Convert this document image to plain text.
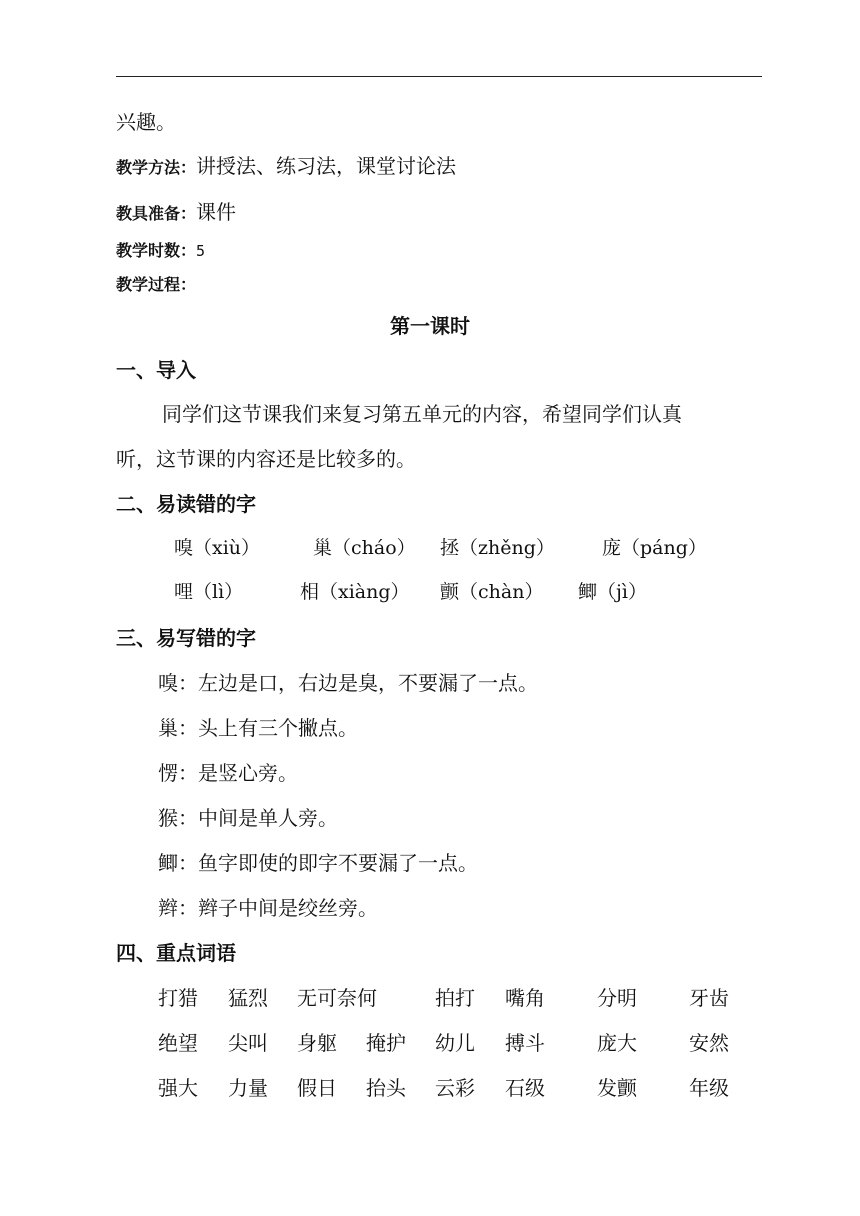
兴趣。
教学方法：讲授法、练习法，课堂讨论法
教具准备：课件
教学时数：5
教学过程：
第一课时
一、导入
同学们这节课我们来复习第五单元的内容，希望同学们认真
听，这节课的内容还是比较多的。
二、易读错的字
嗅（xiù）	巢（cháo） 拯（zhěng） 庞（páng）
哩（lì）	相（xiàng） 颤（chàn） 鲫（jì）
三、易写错的字
嗅：左边是口，右边是臭，不要漏了一点。
巢：头上有三个撇点。
愣：是竖心旁。
猴：中间是单人旁。
鲫：鱼字即使的即字不要漏了一点。
辫：辫子中间是绞丝旁。
四、重点词语
打猎 猛烈 无可奈何	拍打 嘴角	分明	牙齿
绝望 尖叫 身躯 掩护 幼儿 搏斗	庞大	安然
强大 力量 假日 抬头 云彩 石级	发颤	年级
